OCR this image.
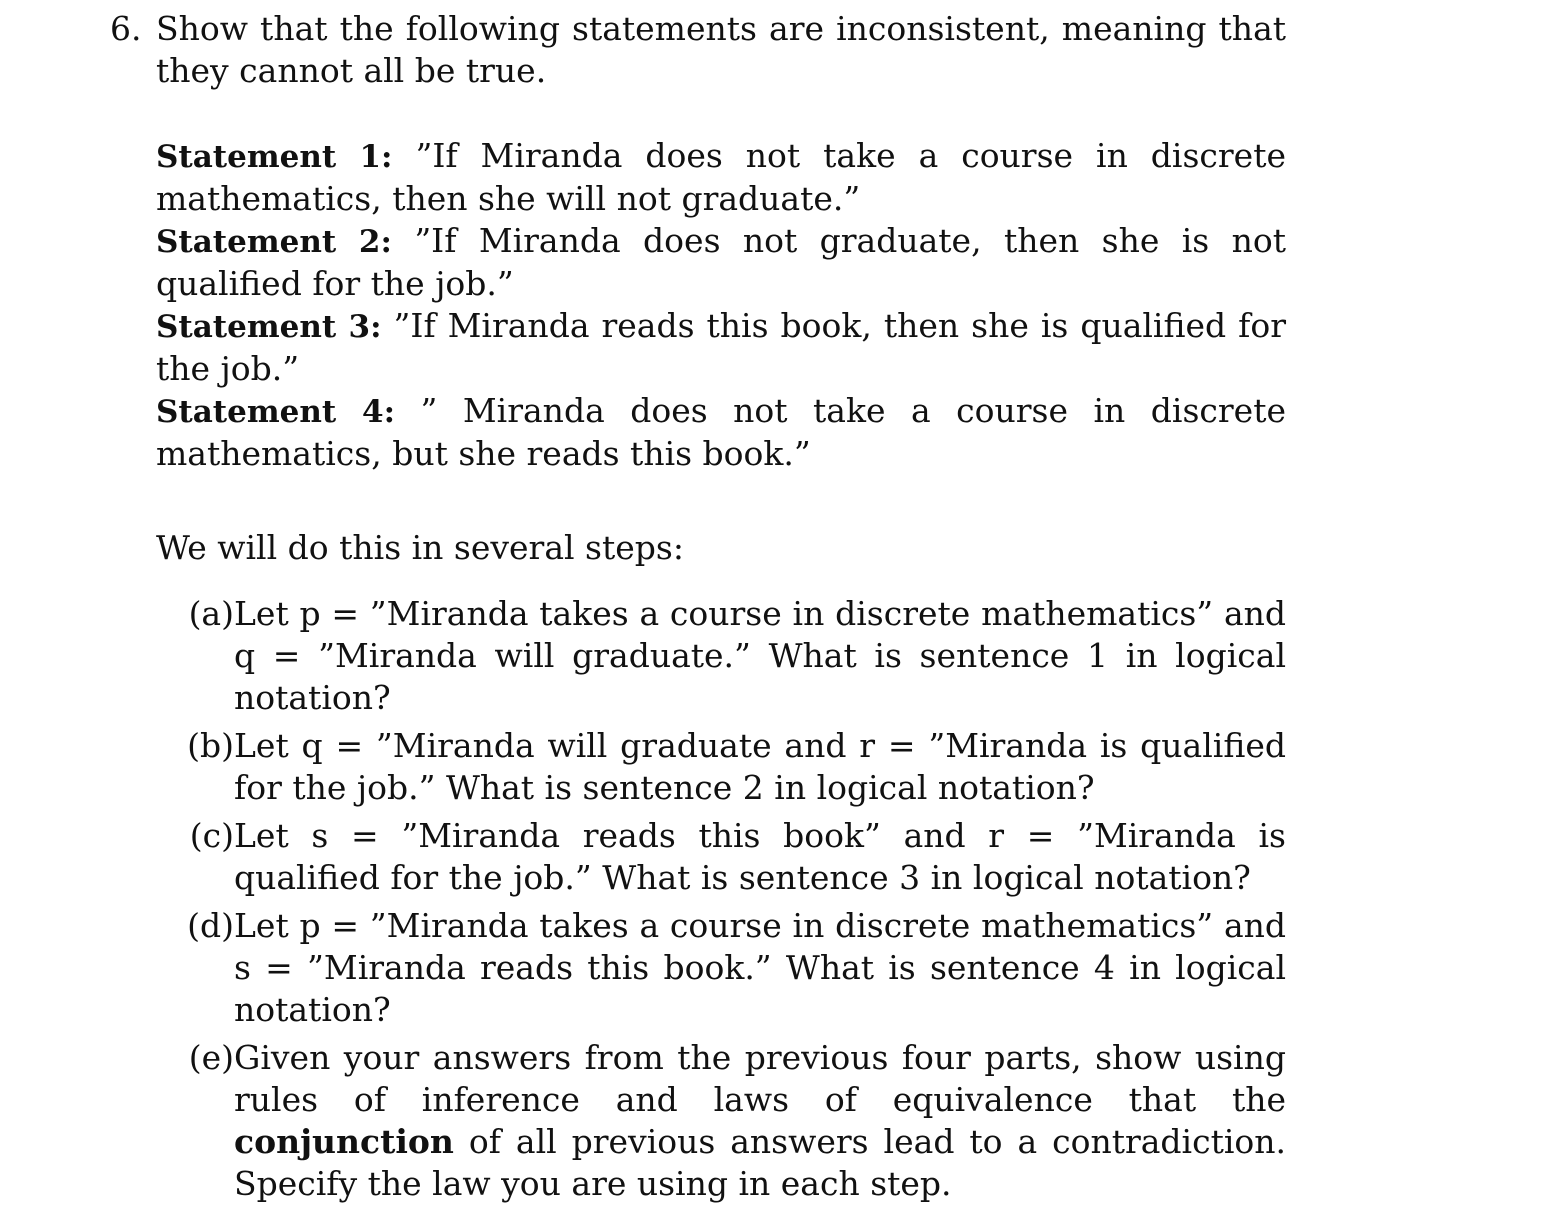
6. Show that the following statements are inconsistent, meaning that they cannot all be true.
Statement 1: ”If Miranda does not take a course in discrete mathematics, then she will not graduate.”
Statement 2: ”If Miranda does not graduate, then she is not qualified for the job.”
Statement 3: ”If Miranda reads this book, then she is qualified for the job.”
Statement 4: ” Miranda does not take a course in discrete mathematics, but she reads this book.”
We will do this in several steps:
(a) Let p = ”Miranda takes a course in discrete mathematics” and q = ”Miranda will graduate.” What is sentence 1 in logical notation?
(b) Let q = ”Miranda will graduate and r = ”Miranda is qualified for the job.” What is sentence 2 in logical notation?
(c) Let s = ”Miranda reads this book” and r = ”Miranda is qualified for the job.” What is sentence 3 in logical notation?
(d) Let p = ”Miranda takes a course in discrete mathematics” and s = ”Miranda reads this book.” What is sentence 4 in logical notation?
(e) Given your answers from the previous four parts, show using rules of inference and laws of equivalence that the conjunction of all previous answers lead to a contradiction. Specify the law you are using in each step.
